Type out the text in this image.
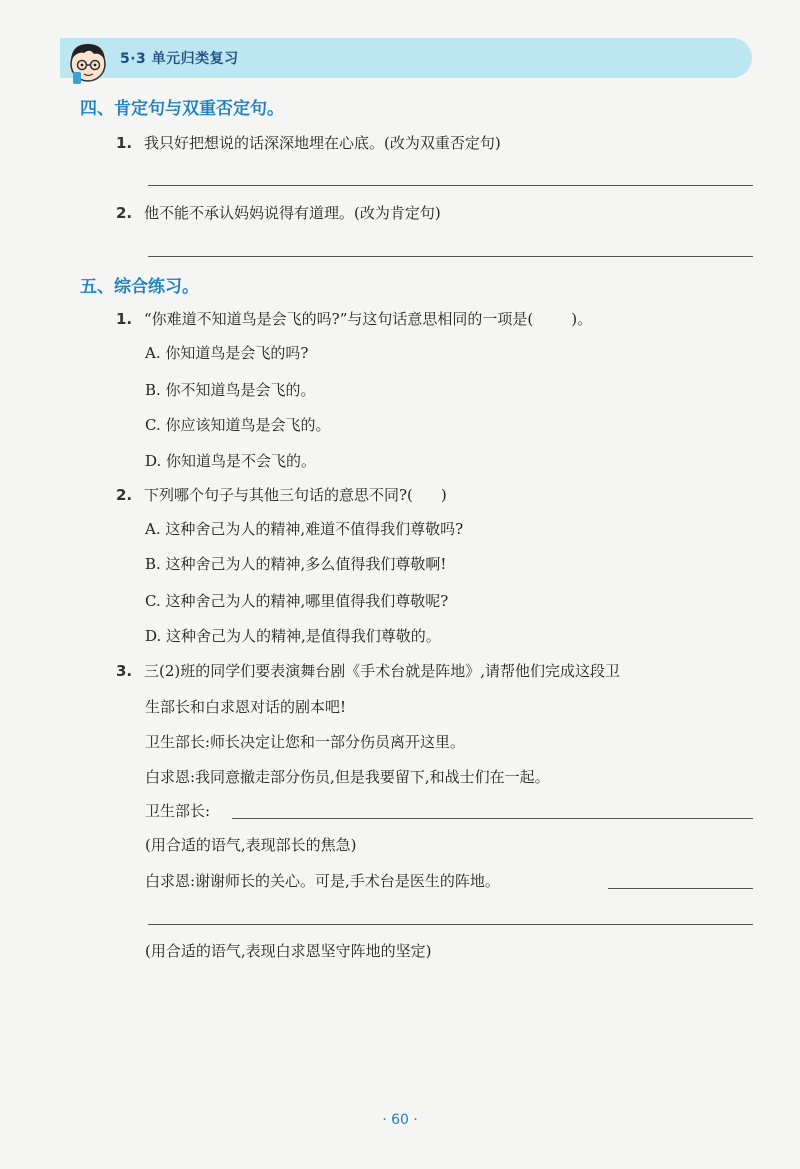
5·3 单元归类复习
四、肯定句与双重否定句。
1. 我只好把想说的话深深地埋在心底。(改为双重否定句)
2. 他不能不承认妈妈说得有道理。(改为肯定句)
五、综合练习。
1. “你难道不知道鸟是会飞的吗?”与这句话意思相同的一项是(	)。
A. 你知道鸟是会飞的吗?
B. 你不知道鸟是会飞的。
C. 你应该知道鸟是会飞的。
D. 你知道鸟是不会飞的。
2. 下列哪个句子与其他三句话的意思不同?( )
A. 这种舍己为人的精神,难道不值得我们尊敬吗?
B. 这种舍己为人的精神,多么值得我们尊敬啊!
C. 这种舍己为人的精神,哪里值得我们尊敬呢?
D. 这种舍己为人的精神,是值得我们尊敬的。
3. 三(2)班的同学们要表演舞台剧《手术台就是阵地》,请帮他们完成这段卫
生部长和白求恩对话的剧本吧!
卫生部长:师长决定让您和一部分伤员离开这里。
白求恩:我同意撤走部分伤员,但是我要留下,和战士们在一起。
卫生部长:
(用合适的语气,表现部长的焦急)
白求恩:谢谢师长的关心。可是,手术台是医生的阵地。
(用合适的语气,表现白求恩坚守阵地的坚定)
· 60 ·
